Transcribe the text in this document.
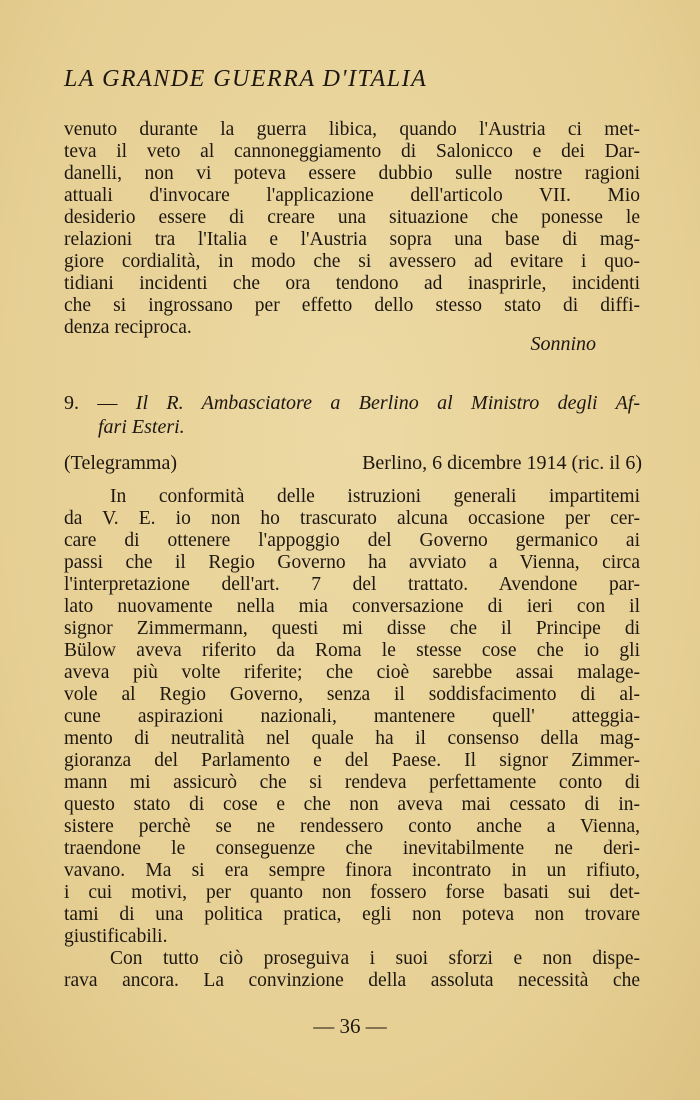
LA GRANDE GUERRA D'ITALIA
venuto durante la guerra libica, quando l'Austria ci met-
teva il veto al cannoneggiamento di Salonicco e dei Dar-
danelli, non vi poteva essere dubbio sulle nostre ragioni
attuali d'invocare l'applicazione dell'articolo VII. Mio
desiderio essere di creare una situazione che ponesse le
relazioni tra l'Italia e l'Austria sopra una base di mag-
giore cordialità, in modo che si avessero ad evitare i quo-
tidiani incidenti che ora tendono ad inasprirle, incidenti
che si ingrossano per effetto dello stesso stato di diffi-
denza reciproca.
Sonnino
9. — Il R. Ambasciatore a Berlino al Ministro degli Af-
fari Esteri.
(Telegramma)	Berlino, 6 dicembre 1914 (ric. il 6)
In conformità delle istruzioni generali impartitemi
da V. E. io non ho trascurato alcuna occasione per cer-
care di ottenere l'appoggio del Governo germanico ai
passi che il Regio Governo ha avviato a Vienna, circa
l'interpretazione dell'art. 7 del trattato. Avendone par-
lato nuovamente nella mia conversazione di ieri con il
signor Zimmermann, questi mi disse che il Principe di
Bülow aveva riferito da Roma le stesse cose che io gli
aveva più volte riferite; che cioè sarebbe assai malage-
vole al Regio Governo, senza il soddisfacimento di al-
cune aspirazioni nazionali, mantenere quell' atteggia-
mento di neutralità nel quale ha il consenso della mag-
gioranza del Parlamento e del Paese. Il signor Zimmer-
mann mi assicurò che si rendeva perfettamente conto di
questo stato di cose e che non aveva mai cessato di in-
sistere perchè se ne rendessero conto anche a Vienna,
traendone le conseguenze che inevitabilmente ne deri-
vavano. Ma si era sempre finora incontrato in un rifiuto,
i cui motivi, per quanto non fossero forse basati sui det-
tami di una politica pratica, egli non poteva non trovare
giustificabili.
Con tutto ciò proseguiva i suoi sforzi e non dispe-
rava ancora. La convinzione della assoluta necessità che
— 36 —
